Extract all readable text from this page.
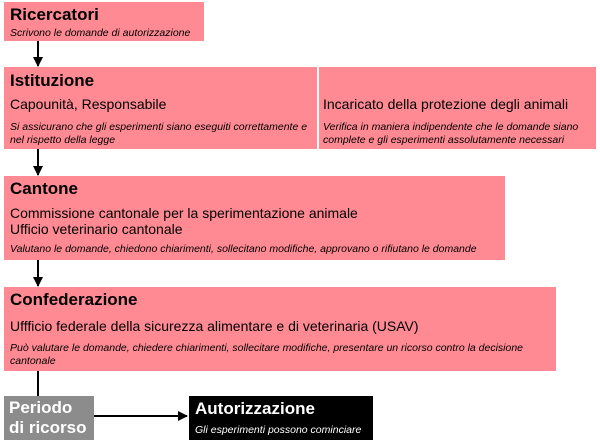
Ricercatori

Scrivono le domande di autorizzazione

Istituzione

Capounità, Responsabile

Si assicurano che gli esperimenti siano eseguiti correttamente e nel rispetto della legge

Incaricato della protezione degli animali

Verifica in maniera indipendente che le domande siano complete e gli esperimenti assolutamente necessari

Cantone

Commissione cantonale per la sperimentazione animale

Ufficio veterinario cantonale

Valutano le domande, chiedono chiarimenti, sollecitano modifiche, approvano o rifiutano le domande

Confederazione

Uffficio federale della sicurezza alimentare e di veterinaria (USAV)

Può valutare le domande, chiedere chiarimenti, sollecitare modifiche, presentare un ricorso contro la decisione cantonale

Periodo

di ricorso

Autorizzazione

Gli esperimenti possono cominciare
